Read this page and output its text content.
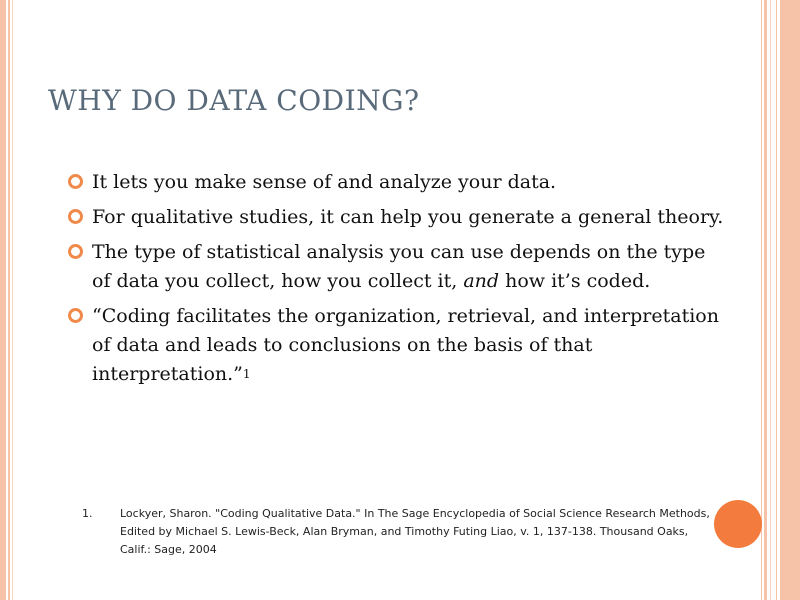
WHY DO DATA CODING?
It lets you make sense of and analyze your data.
For qualitative studies, it can help you generate a general theory.
The type of statistical analysis you can use depends on the type of data you collect, how you collect it, and how it’s coded.
“Coding facilitates the organization, retrieval, and interpretation of data and leads to conclusions on the basis of that interpretation.”1
1.	Lockyer, Sharon. "Coding Qualitative Data." In The Sage Encyclopedia of Social Science Research Methods, Edited by Michael S. Lewis-Beck, Alan Bryman, and Timothy Futing Liao, v. 1, 137-138. Thousand Oaks, Calif.: Sage, 2004
